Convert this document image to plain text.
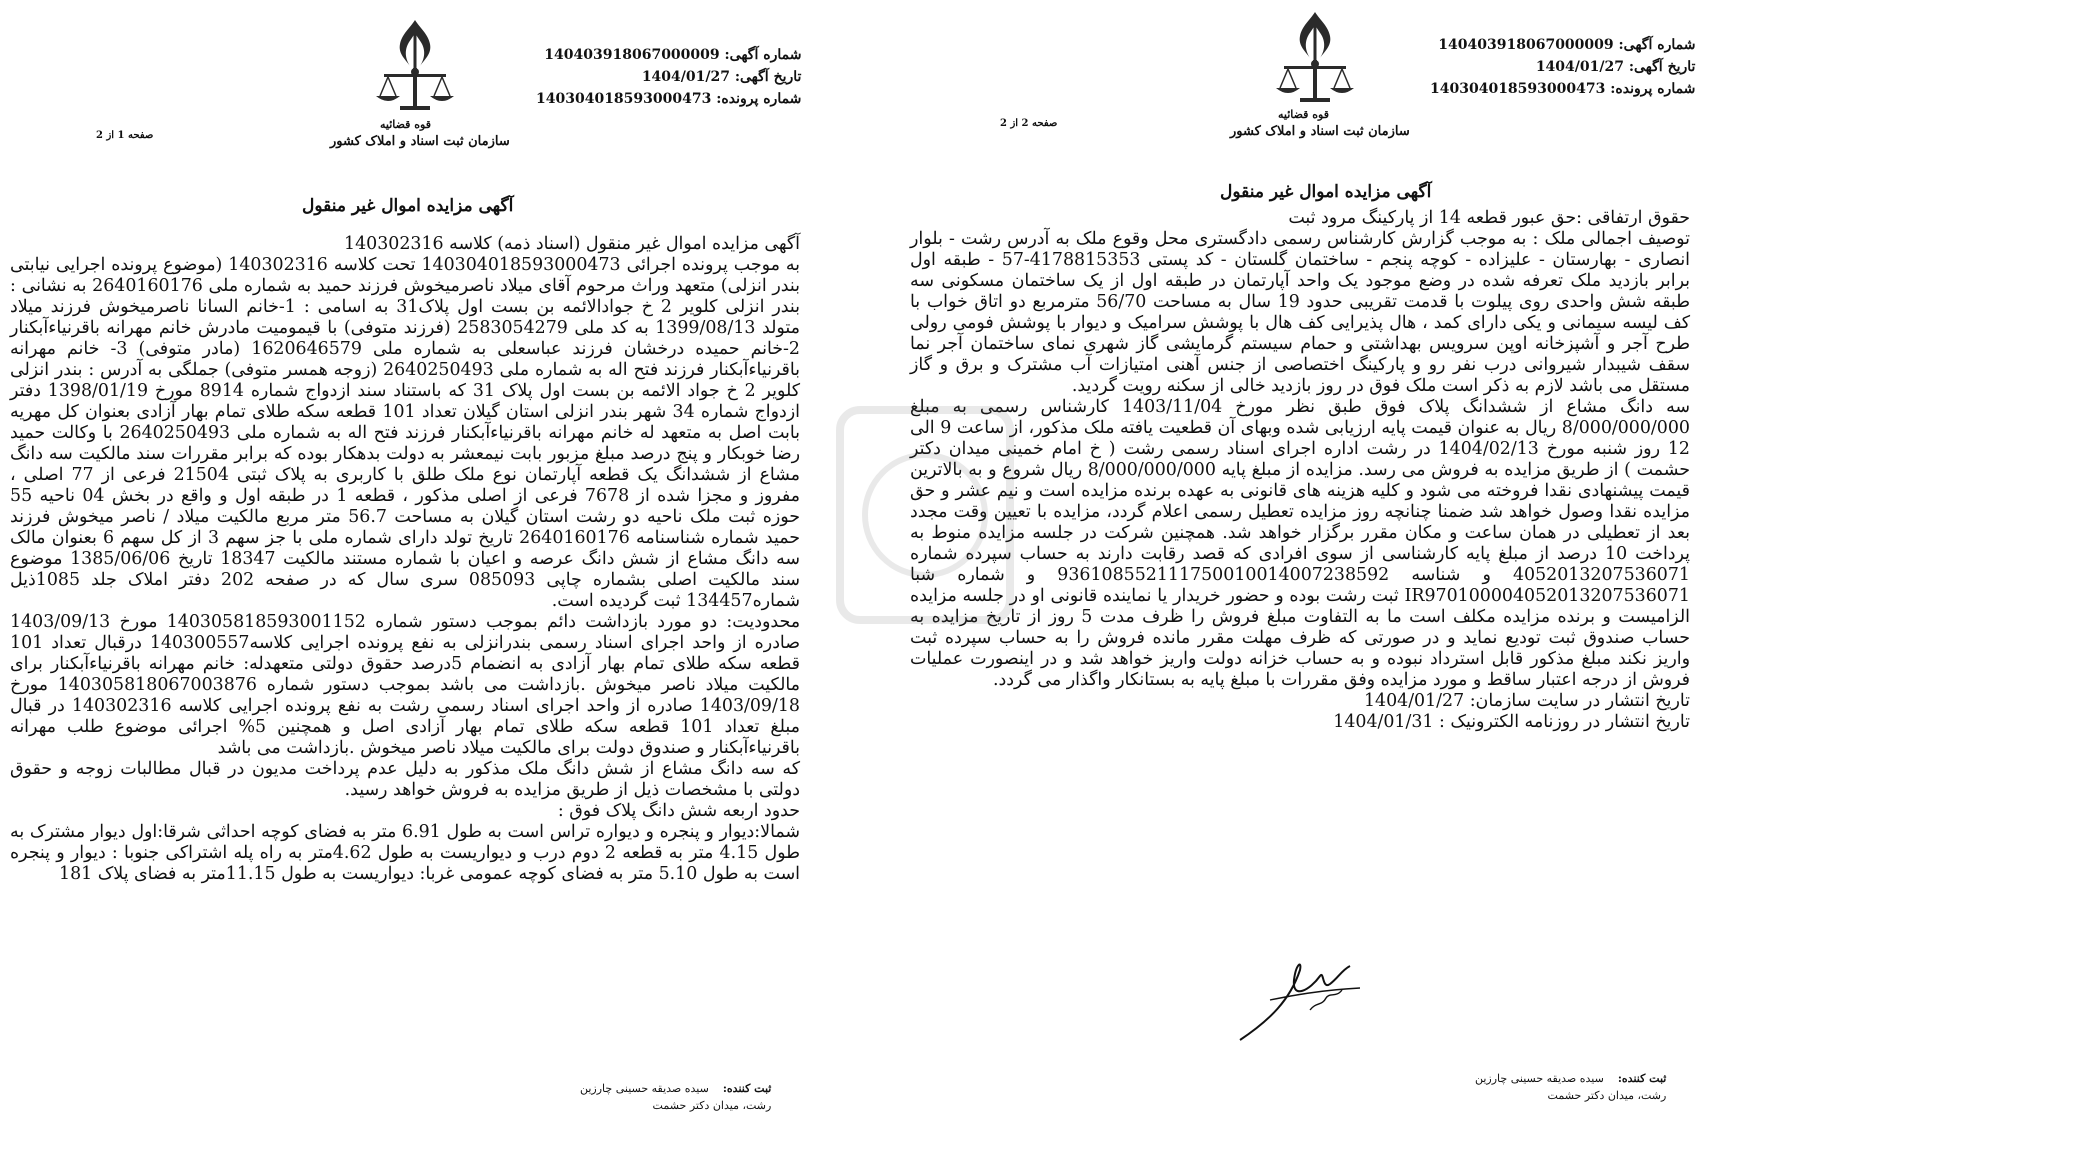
قوه قضائیه
سازمان ثبت اسناد و املاک کشور
شماره آگهی: 140403918067000009
تاریخ آگهی: 1404/01/27
شماره پرونده: 140304018593000473
صفحه 1 از 2
آگهی مزایده اموال غیر منقول

آگهی مزایده اموال غیر منقول (اسناد ذمه) کلاسه 140302316

به موجب پرونده اجرائی 140304018593000473 تحت کلاسه 140302316 (موضوع پرونده اجرایی نیابتی بندر انزلی) متعهد وراث مرحوم آقای میلاد ناصرمیخوش فرزند حمید به شماره ملی 2640160176 به نشانی : بندر انزلی کلویر 2 خ جوادالائمه بن بست اول پلاک31 به اسامی : 1-خانم السانا ناصرمیخوش فرزند میلاد متولد 1399/08/13 به کد ملی 2583054279 (فرزند متوفی) با قیمومیت مادرش خانم مهرانه باقرنیاءآبکنار 2-خانم حمیده درخشان فرزند عباسعلی به شماره ملی 1620646579 (مادر متوفی) 3- خانم مهرانه باقرنیاءآبکنار فرزند فتح اله به شماره ملی 2640250493 (زوجه همسر متوفی) جملگی به آدرس : بندر انزلی کلویر 2 خ جواد الائمه بن بست اول پلاک 31 که باستناد سند ازدواج شماره 8914 مورخ 1398/01/19 دفتر ازدواج شماره 34 شهر بندر انزلی استان گیلان تعداد 101 قطعه سکه طلای تمام بهار آزادی بعنوان کل مهریه بابت اصل به متعهد له خانم مهرانه باقرنیاءآبکنار فرزند فتح اله به شماره ملی 2640250493 با وکالت حمید رضا خوبکار و پنج درصد مبلغ مزبور بابت نیمعشر به دولت بدهکار بوده که برابر مقررات سند مالکیت سه دانگ مشاع از ششدانگ یک قطعه آپارتمان نوع ملک طلق با کاربری به پلاک ثبتی 21504 فرعی از 77 اصلی ، مفروز و مجزا شده از 7678 فرعی از اصلی مذکور ، قطعه 1 در طبقه اول و واقع در بخش 04 ناحیه 55 حوزه ثبت ملک ناحیه دو رشت استان گیلان به مساحت 56.7 متر مربع مالکیت میلاد / ناصر میخوش فرزند حمید شماره شناسنامه 2640160176 تاریخ تولد دارای شماره ملی با جز سهم 3 از کل سهم 6 بعنوان مالک سه دانگ مشاع از شش دانگ عرصه و اعیان با شماره مستند مالکیت 18347 تاریخ 1385/06/06 موضوع سند مالکیت اصلی بشماره چاپی 085093 سری سال که در صفحه 202 دفتر املاک جلد 1085ذیل شماره134457 ثبت گردیده است.

محدودیت: دو مورد بازداشت دائم بموجب دستور شماره 140305818593001152 مورخ 1403/09/13 صادره از واحد اجرای اسناد رسمی بندرانزلی به نفع پرونده اجرایی کلاسه140300557 درقبال تعداد 101 قطعه سکه طلای تمام بهار آزادی به انضمام 5درصد حقوق دولتی متعهدله: خانم مهرانه باقرنیاءآبکنار برای مالکیت میلاد ناصر میخوش .بازداشت می باشد بموجب دستور شماره 140305818067003876 مورخ 1403/09/18 صادره از واحد اجرای اسناد رسمی رشت به نفع پرونده اجرایی کلاسه 140302316 در قبال مبلغ تعداد 101 قطعه سکه طلای تمام بهار آزادی اصل و همچنین 5% اجرائی موضوع طلب مهرانه باقرنیاءآبکنار و صندوق دولت برای مالکیت میلاد ناصر میخوش .بازداشت می باشد

که سه دانگ مشاع از شش دانگ ملک مذکور به دلیل عدم پرداخت مدیون در قبال مطالبات زوجه و حقوق دولتی با مشخصات ذیل از طریق مزایده به فروش خواهد رسید.

حدود اربعه شش دانگ پلاک فوق :

شمالا:دیوار و پنجره و دیواره تراس است به طول 6.91 متر به فضای کوچه احداثی شرقا:اول دیوار مشترک به طول 4.15 متر به قطعه 2 دوم درب و دیواریست به طول 4.62متر به راه پله اشتراکی جنوبا : دیوار و پنجره است به طول 5.10 متر به فضای کوچه عمومی غربا: دیواریست به طول 11.15متر به فضای پلاک 181

ثبت کننده:سیده صدیقه حسینی چارزین
رشت، میدان دکتر حشمت
قوه قضائیه
سازمان ثبت اسناد و املاک کشور
شماره آگهی: 140403918067000009
تاریخ آگهی: 1404/01/27
شماره پرونده: 140304018593000473
صفحه 2 از 2
آگهی مزایده اموال غیر منقول

حقوق ارتفاقی :حق عبور قطعه 14 از پارکینگ مرود ثبت

توصیف اجمالی ملک : به موجب گزارش کارشناس رسمی دادگستری محل وقوع ملک به آدرس رشت - بلوار انصاری - بهارستان - علیزاده - کوچه پنجم - ساختمان گلستان - کد پستی 4178815353-57 - طبقه اول برابر بازدید ملک تعرفه شده در وضع موجود یک واحد آپارتمان در طبقه اول از یک ساختمان مسکونی سه طبقه شش واحدی روی پیلوت با قدمت تقریبی حدود 19 سال به مساحت 56/70 مترمربع دو اتاق خواب با کف لیسه سیمانی و یکی دارای کمد ، هال پذیرایی کف هال با پوشش سرامیک و دیوار با پوشش فومی رولی طرح آجر و آشپزخانه اوپن سرویس بهداشتی و حمام سیستم گرمایشی گاز شهری نمای ساختمان آجر نما سقف شیبدار شیروانی درب نفر رو و پارکینگ اختصاصی از جنس آهنی امتیازات آب مشترک و برق و گاز مستقل می باشد لازم به ذکر است ملک فوق در روز بازدید خالی از سکنه رویت گردید.

سه دانگ مشاع از ششدانگ پلاک فوق طبق نظر مورخ 1403/11/04 کارشناس رسمی به مبلغ 8/000/000/000 ریال به عنوان قیمت پایه ارزیابی شده وبهای آن قطعیت یافته ملک مذکور، از ساعت 9 الی 12 روز شنبه مورخ 1404/02/13 در رشت اداره اجرای اسناد رسمی رشت ( خ امام خمینی میدان دکتر حشمت ) از طریق مزایده به فروش می رسد. مزایده از مبلغ پایه 8/000/000/000 ریال شروع و به بالاترین قیمت پیشنهادی نقدا فروخته می شود و کلیه هزینه های قانونی به عهده برنده مزایده است و نیم عشر و حق مزایده نقدا وصول خواهد شد ضمنا چنانچه روز مزایده تعطیل رسمی اعلام گردد، مزایده با تعیین وقت مجدد بعد از تعطیلی در همان ساعت و مکان مقرر برگزار خواهد شد. همچنین شرکت در جلسه مزایده منوط به پرداخت 10 درصد از مبلغ پایه کارشناسی از سوی افرادی که قصد رقابت دارند به حساب سپرده شماره 4052013207536071 و شناسه 936108552111750010014007238592 و شماره شبا IR970100004052013207536071 ثبت رشت بوده و حضور خریدار یا نماینده قانونی او در جلسه مزایده الزامیست و برنده مزایده مکلف است ما به التفاوت مبلغ فروش را ظرف مدت 5 روز از تاریخ مزایده به حساب صندوق ثبت تودیع نماید و در صورتی که ظرف مهلت مقرر مانده فروش را به حساب سپرده ثبت واریز نکند مبلغ مذکور قابل استرداد نبوده و به حساب خزانه دولت واریز خواهد شد و در اینصورت عملیات فروش از درجه اعتبار ساقط و مورد مزایده وفق مقررات با مبلغ پایه به بستانکار واگذار می گردد.

تاریخ انتشار در سایت سازمان: 1404/01/27

تاریخ انتشار در روزنامه الکترونیک : 1404/01/31

ثبت کننده:سیده صدیقه حسینی چارزین
رشت، میدان دکتر حشمت
